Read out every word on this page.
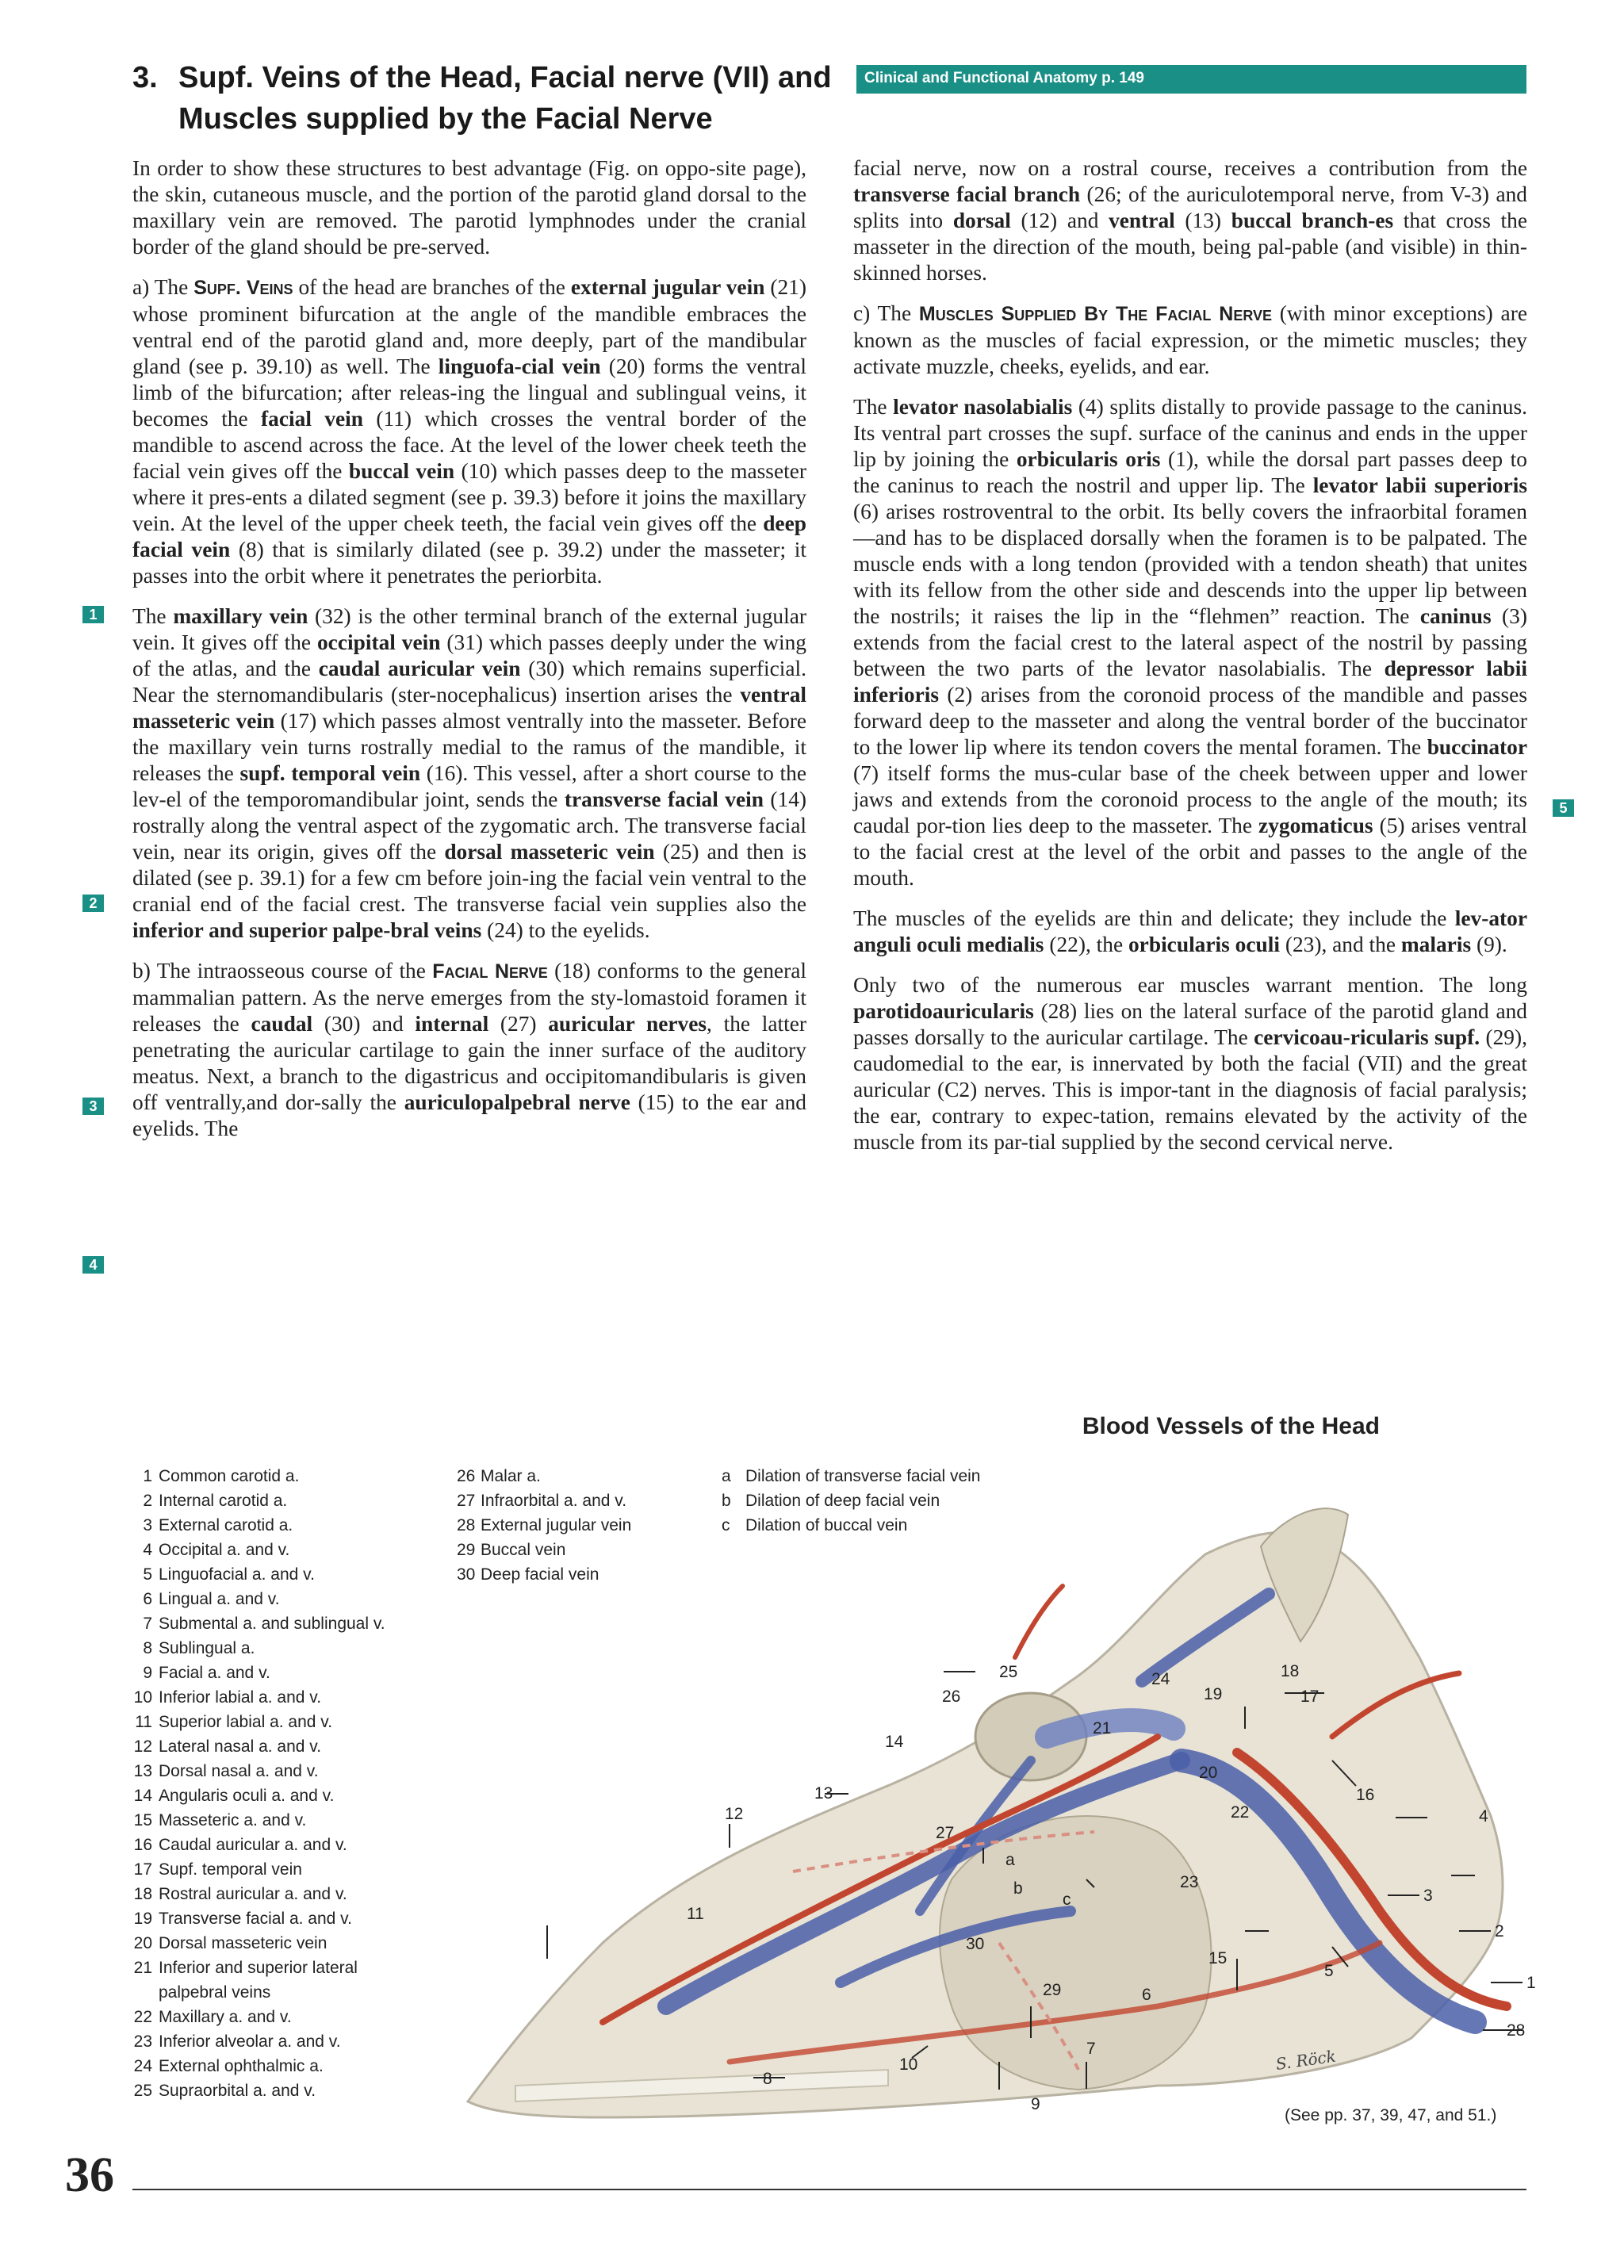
3. Supf. Veins of the Head, Facial nerve (VII) and
Muscles supplied by the Facial Nerve
Clinical and Functional Anatomy p. 149

In order to show these structures to best advantage (Fig. on oppo-site page), the skin, cutaneous muscle, and the portion of the parotid gland dorsal to the maxillary vein are removed. The parotid lymphnodes under the cranial border of the gland should be pre-served.

a) The Supf. Veins of the head are branches of the external jugular vein (21) whose prominent bifurcation at the angle of the mandible embraces the ventral end of the parotid gland and, more deeply, part of the mandibular gland (see p. 39.10) as well. The linguofa-cial vein (20) forms the ventral limb of the bifurcation; after releas-ing the lingual and sublingual veins, it becomes the facial vein (11) which crosses the ventral border of the mandible to ascend across the face. At the level of the lower cheek teeth the facial vein gives off the buccal vein (10) which passes deep to the masseter where it pres-ents a dilated segment (see p. 39.3) before it joins the maxillary vein. At the level of the upper cheek teeth, the facial vein gives off the deep facial vein (8) that is similarly dilated (see p. 39.2) under the masseter; it passes into the orbit where it penetrates the periorbita.

The maxillary vein (32) is the other terminal branch of the external jugular vein. It gives off the occipital vein (31) which passes deeply under the wing of the atlas, and the caudal auricular vein (30) which remains superficial. Near the sternomandibularis (ster-nocephalicus) insertion arises the ventral masseteric vein (17) which passes almost ventrally into the masseter. Before the maxillary vein turns rostrally medial to the ramus of the mandible, it releases the supf. temporal vein (16). This vessel, after a short course to the lev-el of the temporomandibular joint, sends the transverse facial vein (14) rostrally along the ventral aspect of the zygomatic arch. The transverse facial vein, near its origin, gives off the dorsal masseteric vein (25) and then is dilated (see p. 39.1) for a few cm before join-ing the facial vein ventral to the cranial end of the facial crest. The transverse facial vein supplies also the inferior and superior palpe-bral veins (24) to the eyelids.

b) The intraosseous course of the Facial Nerve (18) conforms to the general mammalian pattern. As the nerve emerges from the sty-lomastoid foramen it releases the caudal (30) and internal (27) auricular nerves, the latter penetrating the auricular cartilage to gain the inner surface of the auditory meatus. Next, a branch to the digastricus and occipitomandibularis is given off ventrally,and dor-sally the auriculopalpebral nerve (15) to the ear and eyelids. The

facial nerve, now on a rostral course, receives a contribution from the transverse facial branch (26; of the auriculotemporal nerve, from V-3) and splits into dorsal (12) and ventral (13) buccal branch-es that cross the masseter in the direction of the mouth, being pal-pable (and visible) in thin-skinned horses.

c) The Muscles Supplied By The Facial Nerve (with minor exceptions) are known as the muscles of facial expression, or the mimetic muscles; they activate muzzle, cheeks, eyelids, and ear.

The levator nasolabialis (4) splits distally to provide passage to the caninus. Its ventral part crosses the supf. surface of the caninus and ends in the upper lip by joining the orbicularis oris (1), while the dorsal part passes deep to the caninus to reach the nostril and upper lip. The levator labii superioris (6) arises rostroventral to the orbit. Its belly covers the infraorbital foramen—and has to be displaced dorsally when the foramen is to be palpated. The muscle ends with a long tendon (provided with a tendon sheath) that unites with its fellow from the other side and descends into the upper lip between the nostrils; it raises the lip in the “flehmen” reaction. The caninus (3) extends from the facial crest to the lateral aspect of the nostril by passing between the two parts of the levator nasolabialis. The depressor labii inferioris (2) arises from the coronoid process of the mandible and passes forward deep to the masseter and along the ventral border of the buccinator to the lower lip where its tendon covers the mental foramen. The buccinator (7) itself forms the mus-cular base of the cheek between upper and lower jaws and extends from the coronoid process to the angle of the mouth; its caudal por-tion lies deep to the masseter. The zygomaticus (5) arises ventral to the facial crest at the level of the orbit and passes to the angle of the mouth.

The muscles of the eyelids are thin and delicate; they include the lev-ator anguli oculi medialis (22), the orbicularis oculi (23), and the malaris (9).

Only two of the numerous ear muscles warrant mention. The long parotidoauricularis (28) lies on the lateral surface of the parotid gland and passes dorsally to the auricular cartilage. The cervicoau-ricularis supf. (29), caudomedial to the ear, is innervated by both the facial (VII) and the great auricular (C2) nerves. This is impor-tant in the diagnosis of facial paralysis; the ear, contrary to expec-tation, remains elevated by the activity of the muscle from its par-tial supplied by the second cervical nerve.

1
2
3
4
5
Blood Vessels of the Head
1 Common carotid a.
2 Internal carotid a.
3 External carotid a.
4 Occipital a. and v.
5 Linguofacial a. and v.
6 Lingual a. and v.
7 Submental a. and sublingual v.
8 Sublingual a.
9 Facial a. and v.
10 Inferior labial a. and v.
11 Superior labial a. and v.
12 Lateral nasal a. and v.
13 Dorsal nasal a. and v.
14 Angularis oculi a. and v.
15 Masseteric a. and v.
16 Caudal auricular a. and v.
17 Supf. temporal vein
18 Rostral auricular a. and v.
19 Transverse facial a. and v.
20 Dorsal masseteric vein
21 Inferior and superior lateral
palpebral veins
22 Maxillary a. and v.
23 Inferior alveolar a. and v.
24 External ophthalmic a.
25 Supraorbital a. and v.
26 Malar a.
27 Infraorbital a. and v.
28 External jugular vein
29 Buccal vein
30 Deep facial vein
a Dilation of transverse facial vein
b Dilation of deep facial vein
c Dilation of buccal vein
1
2
3
4
5
6
7
8
9
10
11
12
13
14
15
16
17
18
19
20
21
22
23
24
25
26
27
28
29
30
a
b
c
S. Röck
(See pp. 37, 39, 47, and 51.)
36
